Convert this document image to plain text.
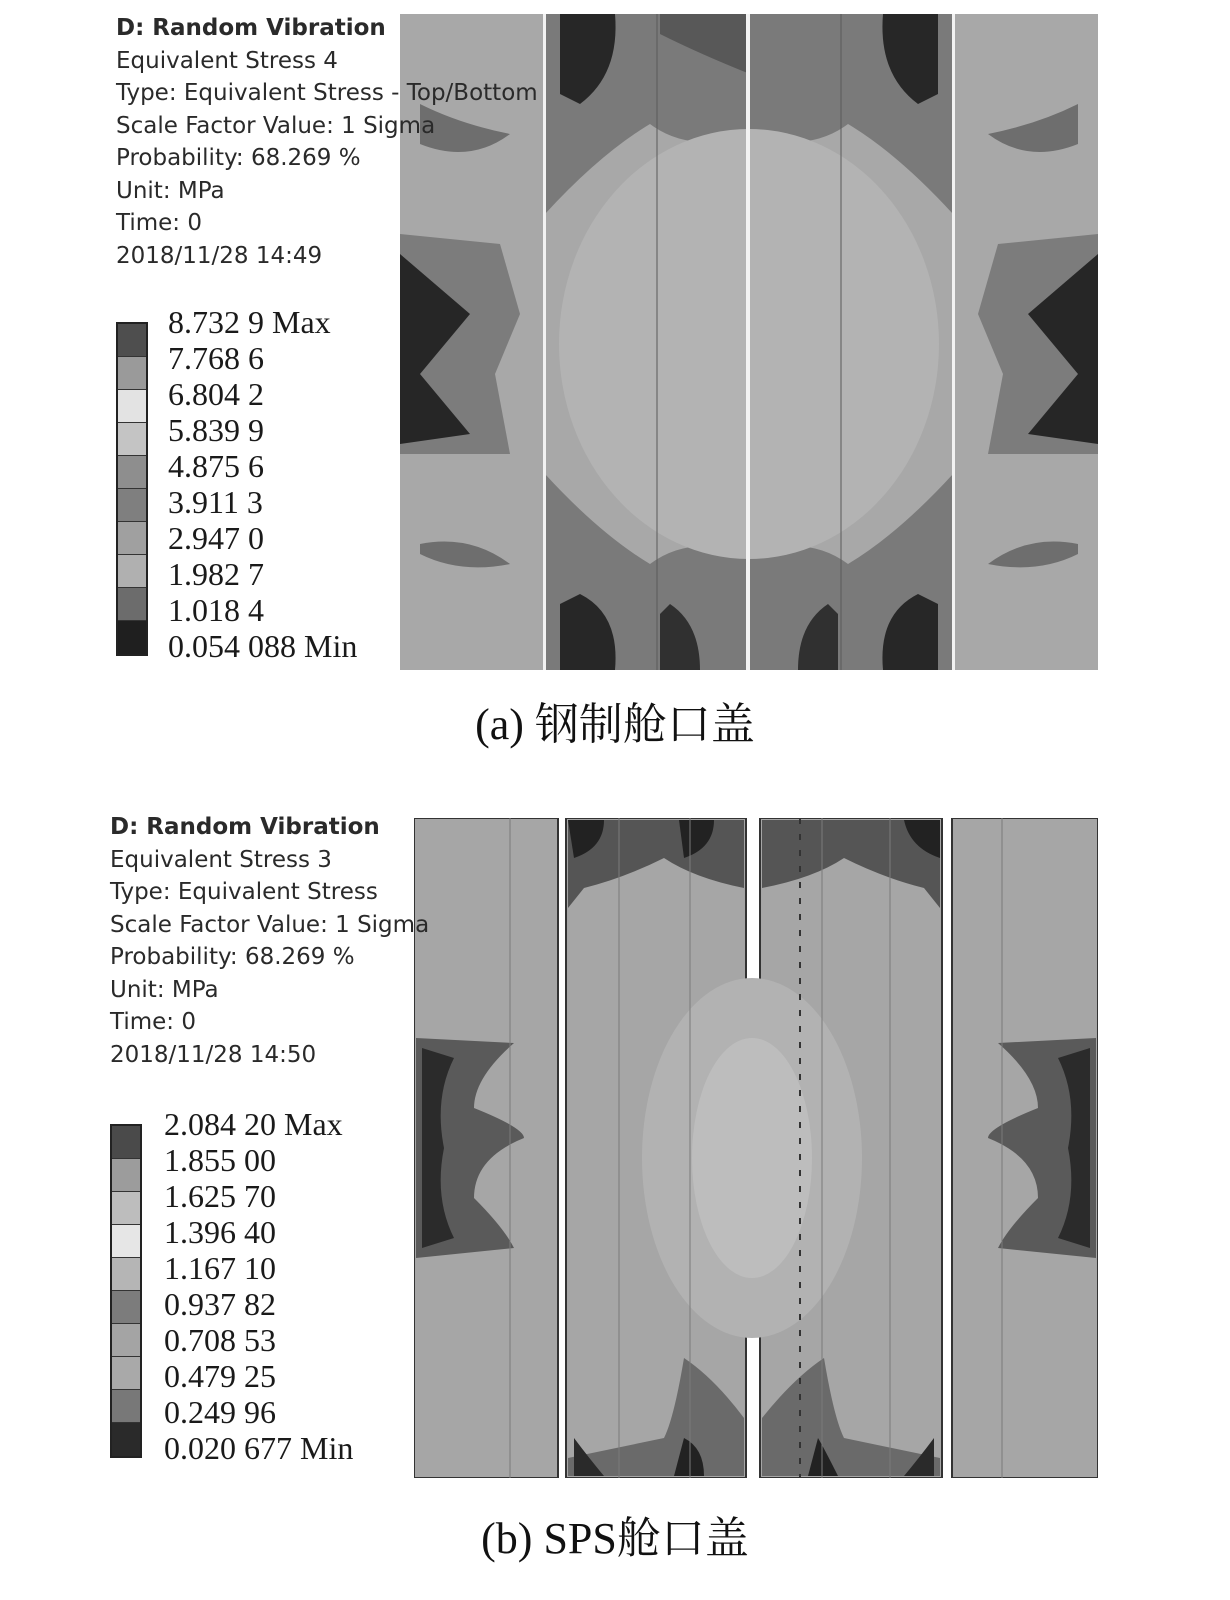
D: Random Vibration
Equivalent Stress 4
Type: Equivalent Stress - Top/Bottom
Scale Factor Value: 1 Sigma
Probability: 68.269 %
Unit: MPa
Time: 0
2018/11/28 14:49
8.732 9 Max
7.768 6
6.804 2
5.839 9
4.875 6
3.911 3
2.947 0
1.982 7
1.018 4
0.054 088 Min
(a) 钢制舱口盖
D: Random Vibration
Equivalent Stress 3
Type: Equivalent Stress
Scale Factor Value: 1 Sigma
Probability: 68.269 %
Unit: MPa
Time: 0
2018/11/28 14:50
2.084 20 Max
1.855 00
1.625 70
1.396 40
1.167 10
0.937 82
0.708 53
0.479 25
0.249 96
0.020 677 Min
(b) SPS舱口盖
